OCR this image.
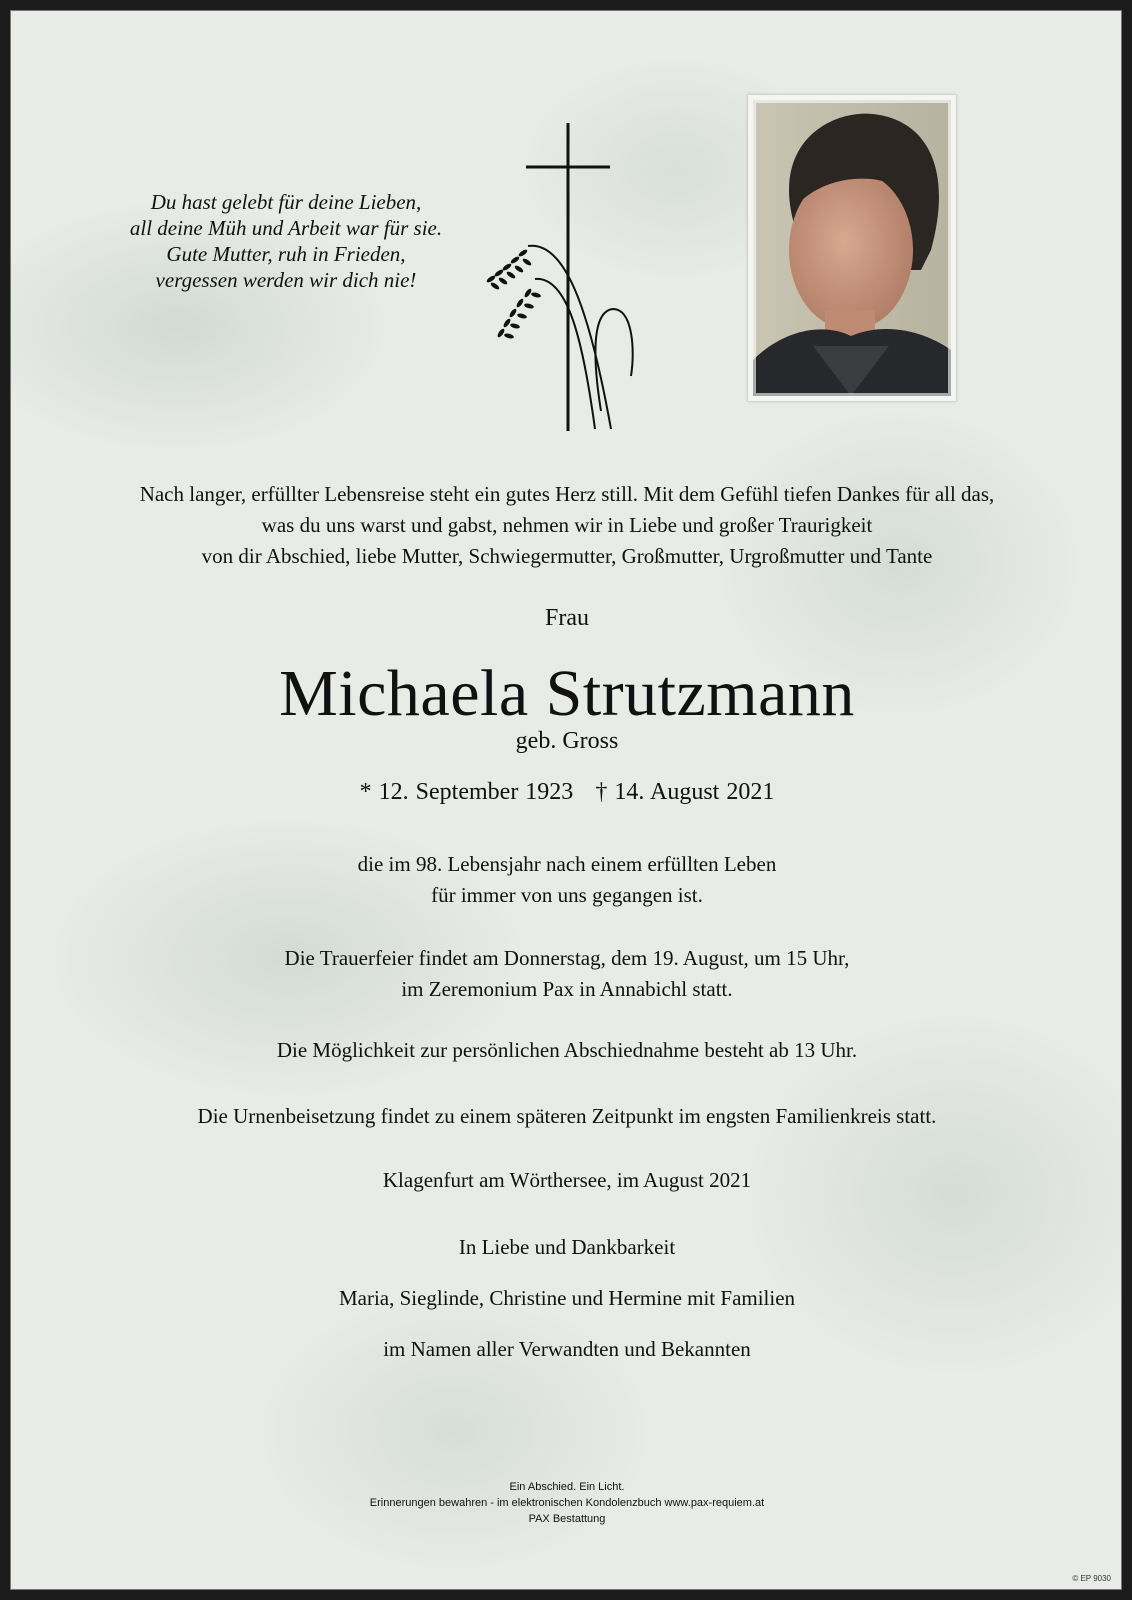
Du hast gelebt für deine Lieben,
all deine Müh und Arbeit war für sie.
Gute Mutter, ruh in Frieden,
vergessen werden wir dich nie!
Nach langer, erfüllter Lebensreise steht ein gutes Herz still. Mit dem Gefühl tiefen Dankes für all das,
was du uns warst und gabst, nehmen wir in Liebe und großer Traurigkeit
von dir Abschied, liebe Mutter, Schwiegermutter, Großmutter, Urgroßmutter und Tante
Frau
Michaela Strutzmann
geb. Gross
* 12. September 1923 † 14. August 2021
die im 98. Lebensjahr nach einem erfüllten Leben
für immer von uns gegangen ist.
Die Trauerfeier findet am Donnerstag, dem 19. August, um 15 Uhr,
im Zeremonium Pax in Annabichl statt.
Die Möglichkeit zur persönlichen Abschiednahme besteht ab 13 Uhr.
Die Urnenbeisetzung findet zu einem späteren Zeitpunkt im engsten Familienkreis statt.
Klagenfurt am Wörthersee, im August 2021
In Liebe und Dankbarkeit
Maria, Sieglinde, Christine und Hermine mit Familien
im Namen aller Verwandten und Bekannten
Ein Abschied. Ein Licht.
Erinnerungen bewahren - im elektronischen Kondolenzbuch www.pax-requiem.at
PAX Bestattung
© EP 9030
